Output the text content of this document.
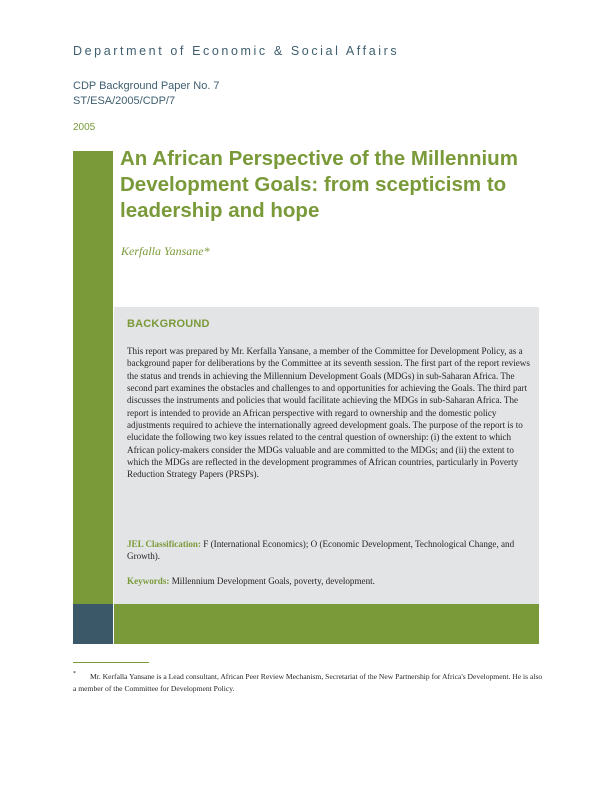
Department of Economic & Social Affairs
CDP Background Paper No. 7
ST/ESA/2005/CDP/7
2005
An African Perspective of the Millennium Development Goals: from scepticism to leadership and hope
Kerfalla Yansane*
BACKGROUND

This report was prepared by Mr. Kerfalla Yansane, a member of the Committee for Development Policy, as a background paper for deliberations by the Committee at its seventh session. The first part of the report reviews the status and trends in achieving the Millennium Development Goals (MDGs) in sub-Saharan Africa. The second part examines the obstacles and challenges to and opportunities for achieving the Goals. The third part discusses the instruments and policies that would facilitate achieving the MDGs in sub-Saharan Africa. The report is intended to provide an African perspective with regard to ownership and the domestic policy adjustments required to achieve the internationally agreed development goals. The purpose of the report is to elucidate the following two key issues related to the central question of ownership: (i) the extent to which African policy-makers consider the MDGs valuable and are committed to the MDGs; and (ii) the extent to which the MDGs are reflected in the development programmes of African countries, particularly in Poverty Reduction Strategy Papers (PRSPs).

JEL Classification: F (International Economics); O (Economic Development, Technological Change, and Growth).

Keywords: Millennium Development Goals, poverty, development.

*	Mr. Kerfalla Yansane is a Lead consultant, African Peer Review Mechanism, Secretariat of the New Partnership for Africa's Development. He is also a member of the Committee for Development Policy.
